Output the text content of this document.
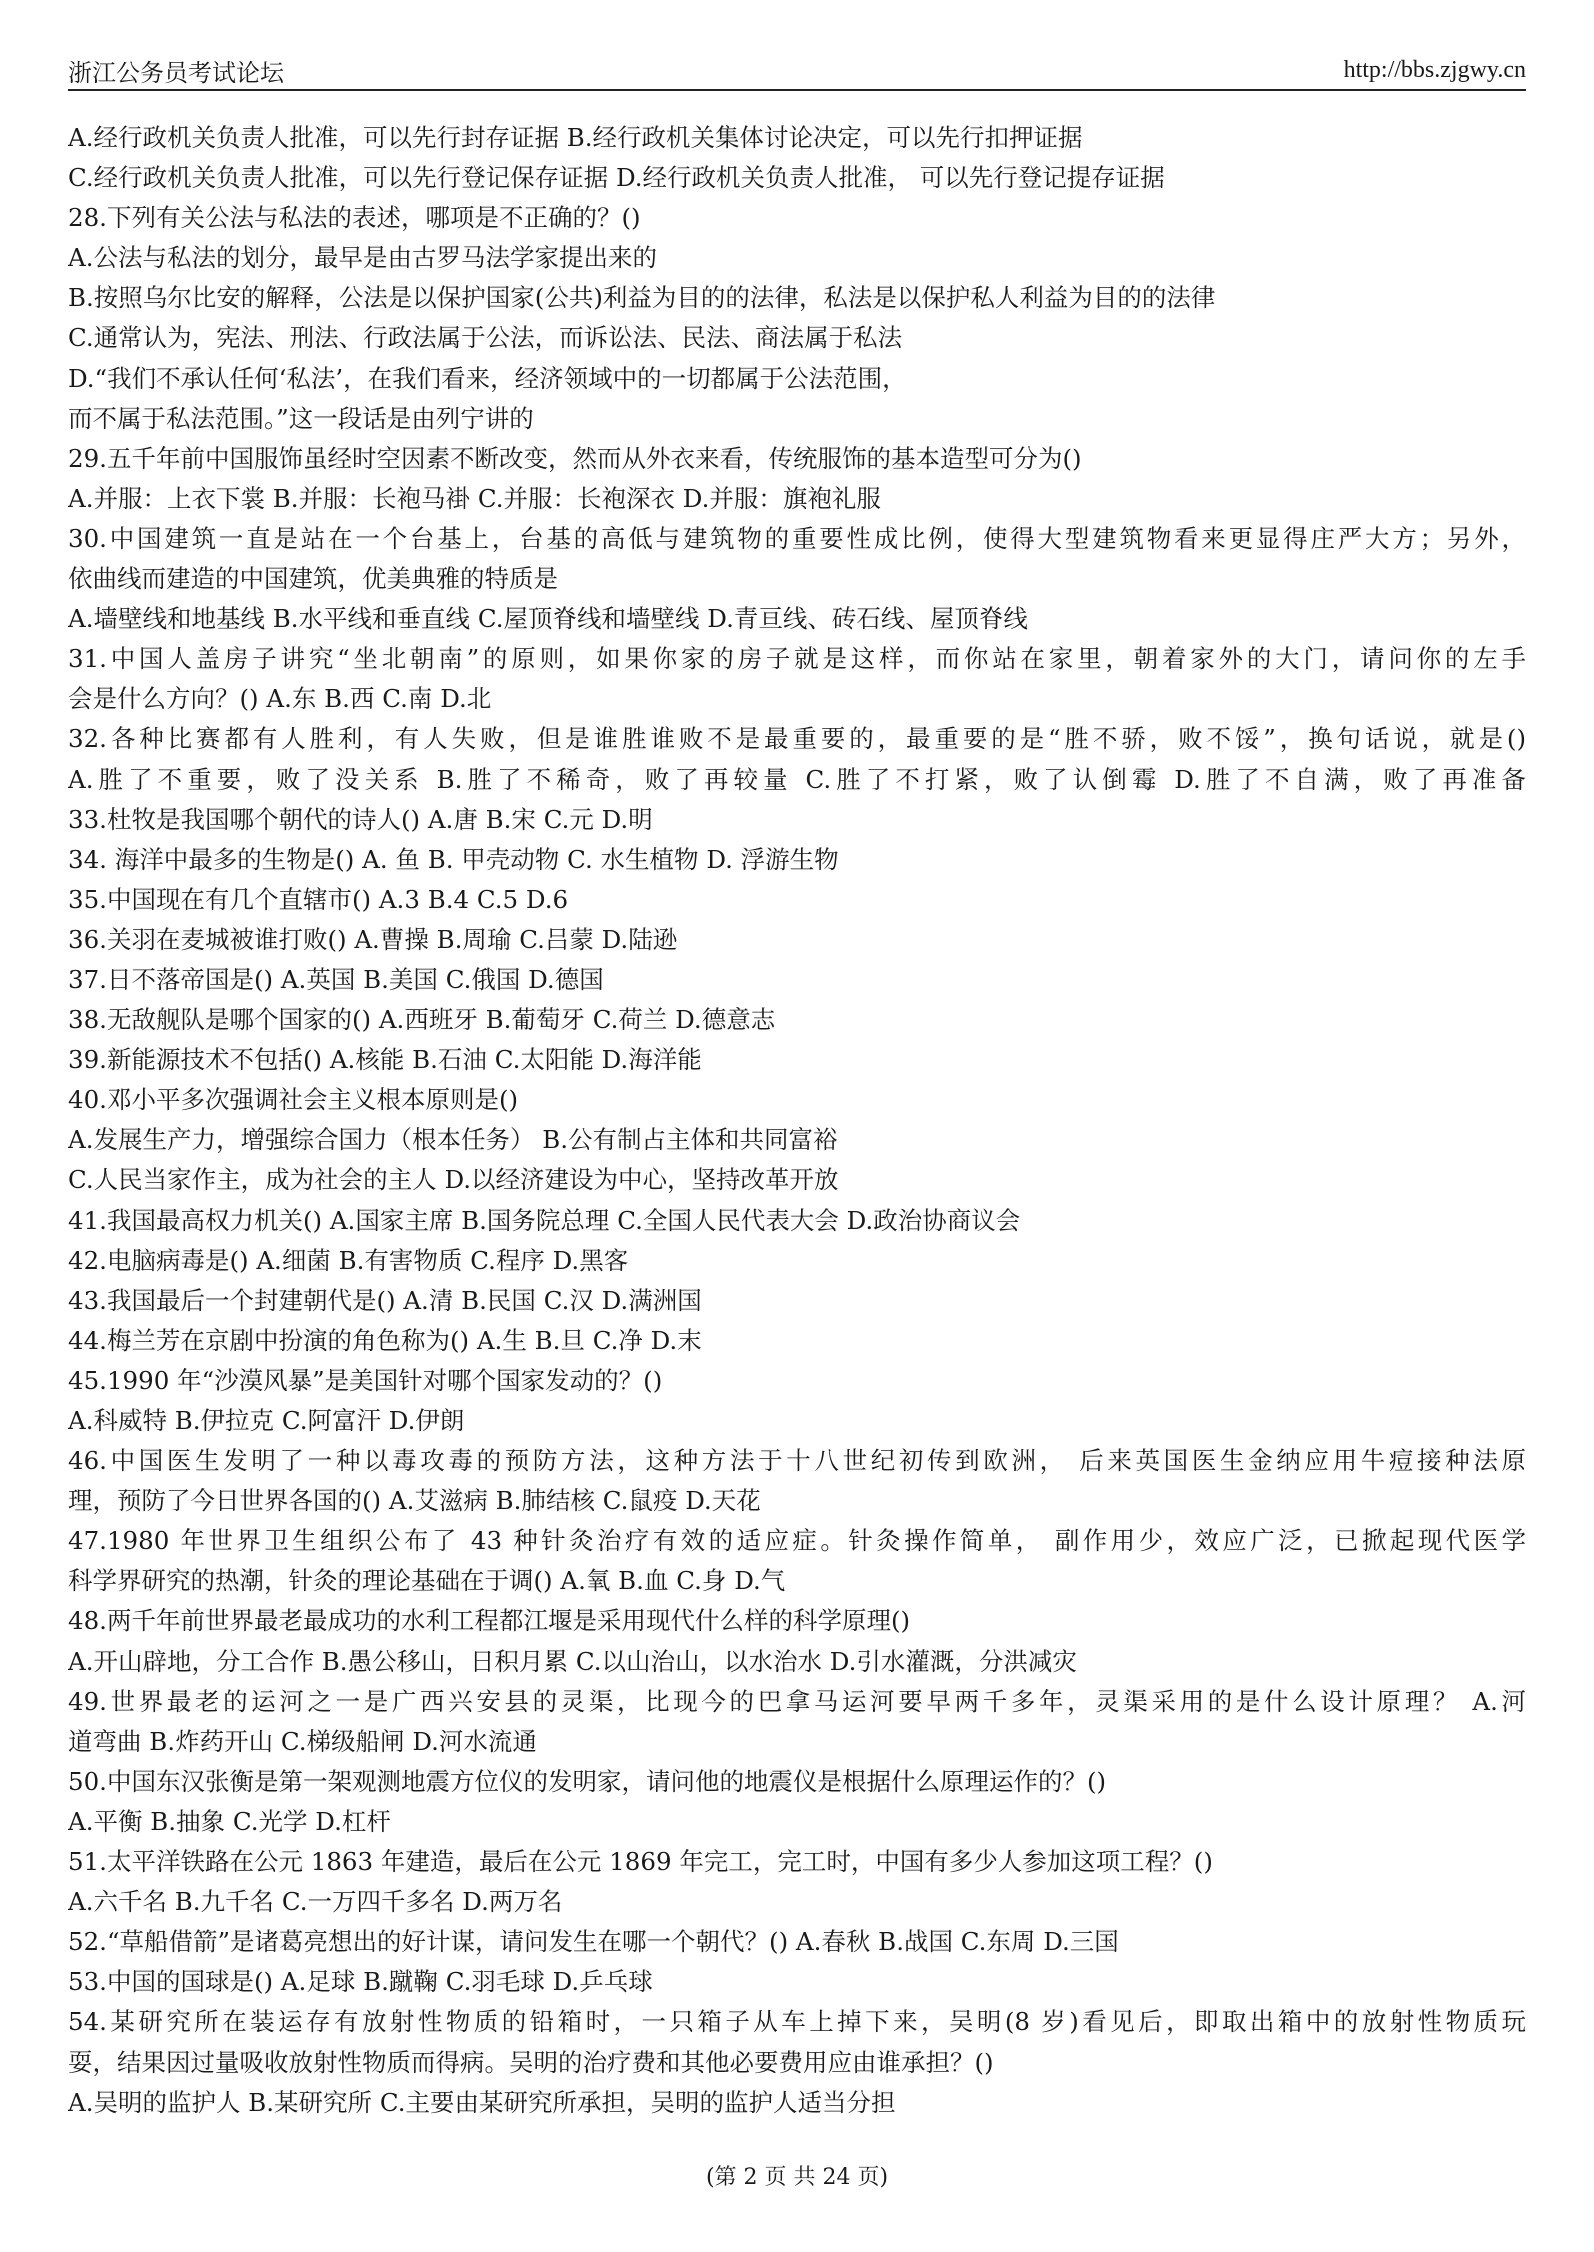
浙江公务员考试论坛	http://bbs.zjgwy.cn
A.经行政机关负责人批准，可以先行封存证据 B.经行政机关集体讨论决定，可以先行扣押证据
C.经行政机关负责人批准，可以先行登记保存证据 D.经行政机关负责人批准， 可以先行登记提存证据
28.下列有关公法与私法的表述，哪项是不正确的？()
A.公法与私法的划分，最早是由古罗马法学家提出来的
B.按照乌尔比安的解释，公法是以保护国家(公共)利益为目的的法律，私法是以保护私人利益为目的的法律
C.通常认为，宪法、刑法、行政法属于公法，而诉讼法、民法、商法属于私法
D.“我们不承认任何‘私法’，在我们看来，经济领域中的一切都属于公法范围，
而不属于私法范围。”这一段话是由列宁讲的
29.五千年前中国服饰虽经时空因素不断改变，然而从外衣来看，传统服饰的基本造型可分为()
A.并服：上衣下裳 B.并服：长袍马褂 C.并服：长袍深衣 D.并服：旗袍礼服
30.中国建筑一直是站在一个台基上，台基的高低与建筑物的重要性成比例，使得大型建筑物看来更显得庄严大方；另外，
依曲线而建造的中国建筑，优美典雅的特质是
A.墙壁线和地基线 B.水平线和垂直线 C.屋顶脊线和墙壁线 D.青亘线、砖石线、屋顶脊线
31.中国人盖房子讲究“坐北朝南”的原则，如果你家的房子就是这样，而你站在家里，朝着家外的大门，请问你的左手
会是什么方向？() A.东 B.西 C.南 D.北
32.各种比赛都有人胜利，有人失败，但是谁胜谁败不是最重要的，最重要的是“胜不骄，败不馁”，换句话说，就是()
A.胜了不重要，败了没关系 B.胜了不稀奇，败了再较量 C.胜了不打紧，败了认倒霉 D.胜了不自满，败了再准备
33.杜牧是我国哪个朝代的诗人() A.唐 B.宋 C.元 D.明
34. 海洋中最多的生物是() A. 鱼 B. 甲壳动物 C. 水生植物 D. 浮游生物
35.中国现在有几个直辖市() A.3 B.4 C.5 D.6
36.关羽在麦城被谁打败() A.曹操 B.周瑜 C.吕蒙 D.陆逊
37.日不落帝国是() A.英国 B.美国 C.俄国 D.德国
38.无敌舰队是哪个国家的() A.西班牙 B.葡萄牙 C.荷兰 D.德意志
39.新能源技术不包括() A.核能 B.石油 C.太阳能 D.海洋能
40.邓小平多次强调社会主义根本原则是()
A.发展生产力，增强综合国力（根本任务） B.公有制占主体和共同富裕
C.人民当家作主，成为社会的主人 D.以经济建设为中心，坚持改革开放
41.我国最高权力机关() A.国家主席 B.国务院总理 C.全国人民代表大会 D.政治协商议会
42.电脑病毒是() A.细菌 B.有害物质 C.程序 D.黑客
43.我国最后一个封建朝代是() A.清 B.民国 C.汉 D.满洲国
44.梅兰芳在京剧中扮演的角色称为() A.生 B.旦 C.净 D.末
45.1990 年“沙漠风暴”是美国针对哪个国家发动的？()
A.科威特 B.伊拉克 C.阿富汗 D.伊朗
46.中国医生发明了一种以毒攻毒的预防方法，这种方法于十八世纪初传到欧洲， 后来英国医生金纳应用牛痘接种法原
理，预防了今日世界各国的() A.艾滋病 B.肺结核 C.鼠疫 D.天花
47.1980 年世界卫生组织公布了 43 种针灸治疗有效的适应症。针灸操作简单， 副作用少，效应广泛，已掀起现代医学
科学界研究的热潮，针灸的理论基础在于调() A.氧 B.血 C.身 D.气
48.两千年前世界最老最成功的水利工程都江堰是采用现代什么样的科学原理()
A.开山辟地，分工合作 B.愚公移山，日积月累 C.以山治山，以水治水 D.引水灌溉，分洪减灾
49.世界最老的运河之一是广西兴安县的灵渠，比现今的巴拿马运河要早两千多年，灵渠采用的是什么设计原理？ A.河
道弯曲 B.炸药开山 C.梯级船闸 D.河水流通
50.中国东汉张衡是第一架观测地震方位仪的发明家，请问他的地震仪是根据什么原理运作的？()
A.平衡 B.抽象 C.光学 D.杠杆
51.太平洋铁路在公元 1863 年建造，最后在公元 1869 年完工，完工时，中国有多少人参加这项工程？()
A.六千名 B.九千名 C.一万四千多名 D.两万名
52.“草船借箭”是诸葛亮想出的好计谋，请问发生在哪一个朝代？() A.春秋 B.战国 C.东周 D.三国
53.中国的国球是() A.足球 B.蹴鞠 C.羽毛球 D.乒乓球
54.某研究所在装运存有放射性物质的铅箱时，一只箱子从车上掉下来，吴明(8 岁)看见后，即取出箱中的放射性物质玩
耍，结果因过量吸收放射性物质而得病。吴明的治疗费和其他必要费用应由谁承担？()
A.吴明的监护人 B.某研究所 C.主要由某研究所承担，吴明的监护人适当分担
(第 2 页 共 24 页)
